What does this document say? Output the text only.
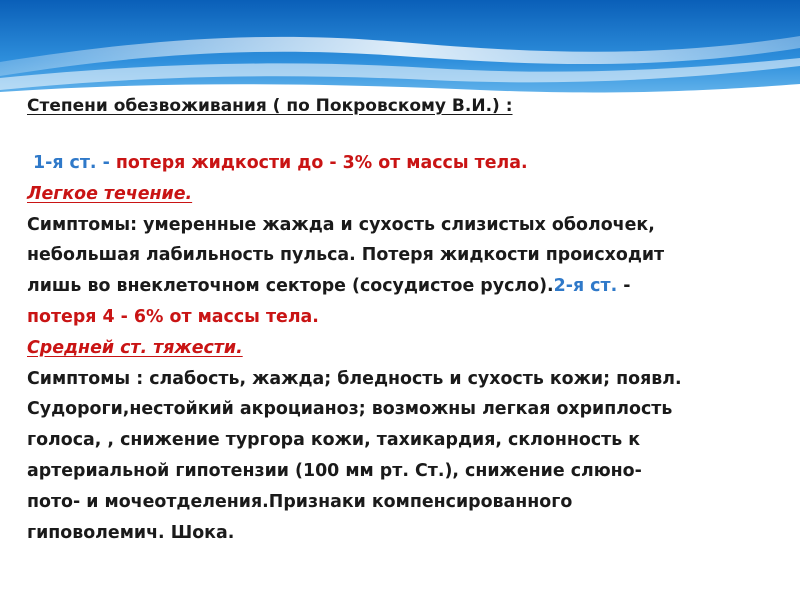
Степени обезвоживания ( по Покровскому В.И.) :

1-я ст. - потеря жидкости до - 3% от массы тела.
Легкое течение.
Симптомы: умеренные жажда и сухость слизистых оболочек,
небольшая лабильность пульса. Потеря жидкости происходит
лишь во внеклеточном секторе (сосудистое русло).2-я ст. -
потеря 4 - 6% от массы тела.
Средней ст. тяжести.
Симптомы : слабость, жажда; бледность и сухость кожи; появл.
Судороги,нестойкий акроцианоз; возможны легкая охриплость
голоса, , снижение тургора кожи, тахикардия, склонность к
артериальной гипотензии (100 мм рт. Ст.), снижение слюно-
пото- и мочеотделения.Признаки компенсированного
гиповолемич. Шока.
